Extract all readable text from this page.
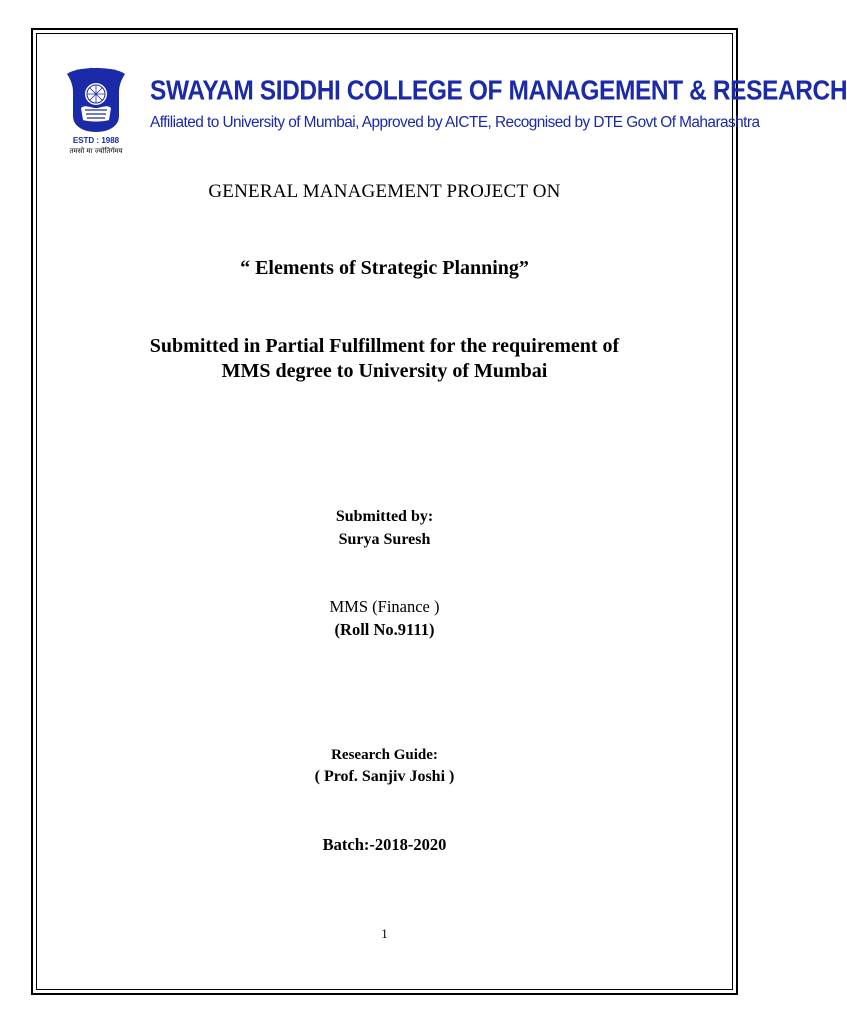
ज्ञान विज्ञान सह
ESTD : 1988
तमसो मा ज्योतिर्गमय
SWAYAM SIDDHI COLLEGE OF MANAGEMENT & RESEARCH
Affiliated to University of Mumbai, Approved by AICTE, Recognised by DTE Govt Of Maharashtra
GENERAL MANAGEMENT PROJECT ON
“ Elements of Strategic Planning”
Submitted in Partial Fulfillment for the requirement of
MMS degree to University of Mumbai
Submitted by:
Surya Suresh
MMS (Finance )
(Roll No.9111)
Research Guide:
( Prof. Sanjiv Joshi )
Batch:-2018-2020
1
